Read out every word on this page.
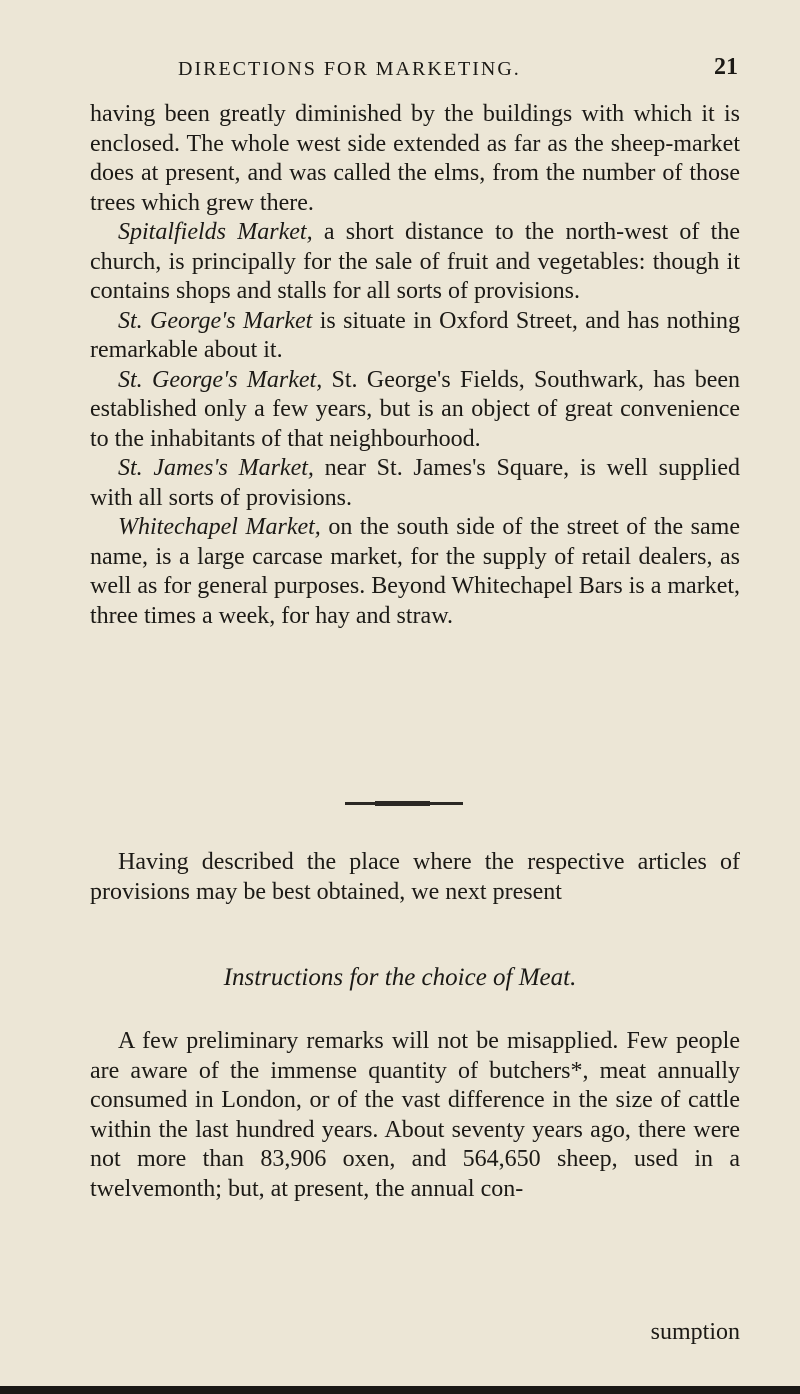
DIRECTIONS FOR MARKETING.	21

having been greatly diminished by the buildings with which it is enclosed. The whole west side extended as far as the sheep-market does at present, and was called the elms, from the number of those trees which grew there.

Spitalfields Market, a short distance to the north-west of the church, is principally for the sale of fruit and vegetables: though it contains shops and stalls for all sorts of provisions.

St. George's Market is situate in Oxford Street, and has nothing remarkable about it.

St. George's Market, St. George's Fields, Southwark, has been established only a few years, but is an object of great convenience to the inhabitants of that neighbourhood.

St. James's Market, near St. James's Square, is well supplied with all sorts of provisions.

Whitechapel Market, on the south side of the street of the same name, is a large carcase market, for the supply of retail dealers, as well as for general purposes. Beyond Whitechapel Bars is a market, three times a week, for hay and straw.

Having described the place where the respective articles of provisions may be best obtained, we next present

Instructions for the choice of Meat.

A few preliminary remarks will not be misapplied. Few people are aware of the immense quantity of butchers*, meat annually consumed in London, or of the vast difference in the size of cattle within the last hundred years. About seventy years ago, there were not more than 83,906 oxen, and 564,650 sheep, used in a twelvemonth; but, at present, the annual con-

sumption
